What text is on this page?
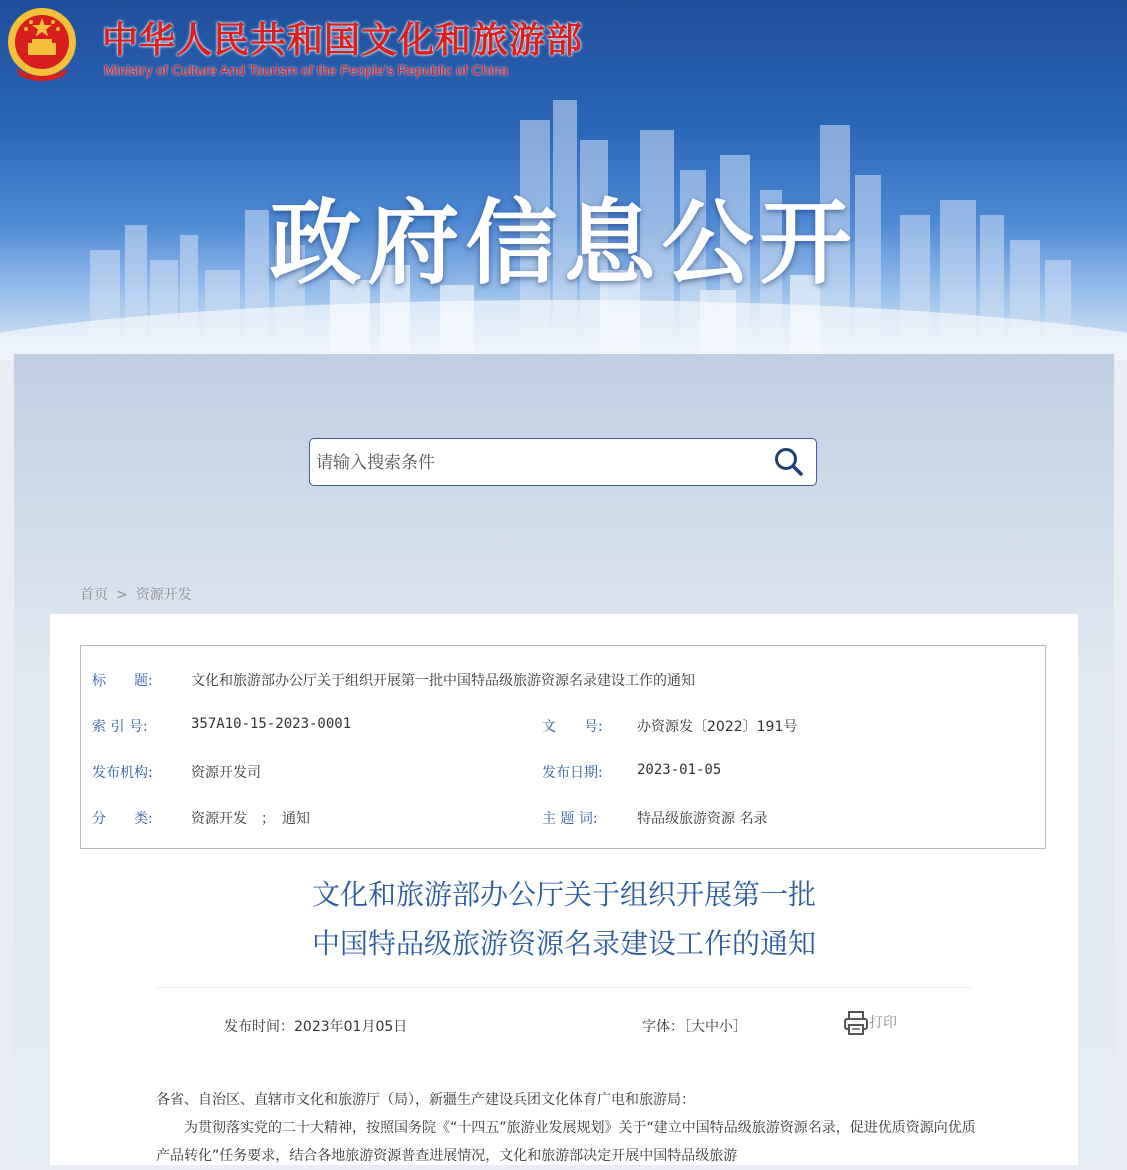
中华人民共和国文化和旅游部
Ministry of Culture And Tourism of the People’s Republic of China
政府信息公开
请输入搜索条件
首页 > 资源开发
标　　题:	文化和旅游部办公厅关于组织开展第一批中国特品级旅游资源名录建设工作的通知
索 引 号:	357A10-15-2023-0001	文　　号: 办资源发〔2022〕191号
发布机构:	资源开发司	发布日期: 2023-01-05
分　　类:	资源开发　；　通知	主 题 词:	特品级旅游资源 名录
文化和旅游部办公厅关于组织开展第一批
中国特品级旅游资源名录建设工作的通知
发布时间：2023年01月05日	字体：［大中小］	打印

各省、自治区、直辖市文化和旅游厅（局），新疆生产建设兵团文化体育广电和旅游局：

为贯彻落实党的二十大精神，按照国务院《“十四五”旅游业发展规划》关于“建立中国特品级旅游资源名录，促进优质资源向优质产品转化”任务要求，结合各地旅游资源普查进展情况，文化和旅游部决定开展中国特品级旅游
